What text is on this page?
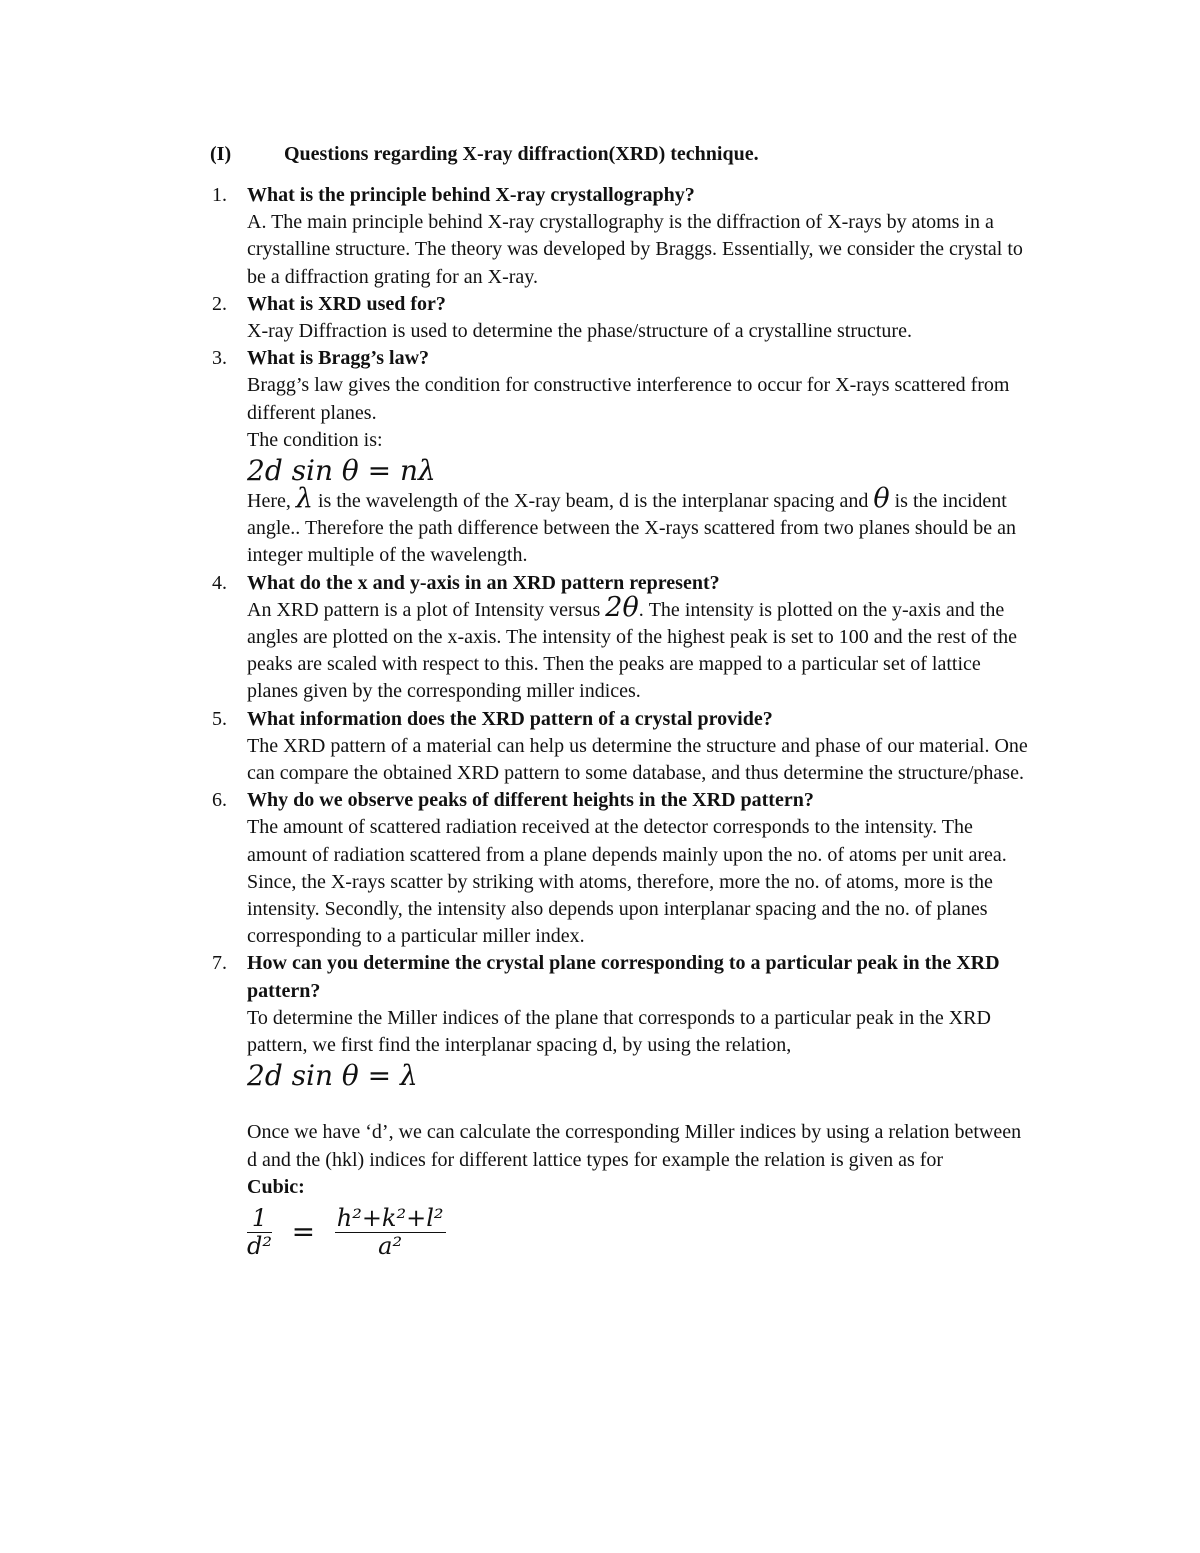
(I)	Questions regarding X-ray diffraction(XRD) technique.
1. What is the principle behind X-ray crystallography?
A. The main principle behind X-ray crystallography is the diffraction of X-rays by atoms in a crystalline structure. The theory was developed by Braggs. Essentially, we consider the crystal to be a diffraction grating for an X-ray.
2. What is XRD used for?
X-ray Diffraction is used to determine the phase/structure of a crystalline structure.
3. What is Bragg’s law?
Bragg’s law gives the condition for constructive interference to occur for X-rays scattered from different planes.
The condition is:
2d sin θ = nλ
Here, λ is the wavelength of the X-ray beam, d is the interplanar spacing and θ is the incident angle.. Therefore the path difference between the X-rays scattered from two planes should be an integer multiple of the wavelength.
4. What do the x and y-axis in an XRD pattern represent?
An XRD pattern is a plot of Intensity versus 2θ. The intensity is plotted on the y-axis and the angles are plotted on the x-axis. The intensity of the highest peak is set to 100 and the rest of the peaks are scaled with respect to this. Then the peaks are mapped to a particular set of lattice planes given by the corresponding miller indices.
5. What information does the XRD pattern of a crystal provide?
The XRD pattern of a material can help us determine the structure and phase of our material. One can compare the obtained XRD pattern to some database, and thus determine the structure/phase.
6. Why do we observe peaks of different heights in the XRD pattern?
The amount of scattered radiation received at the detector corresponds to the intensity. The amount of radiation scattered from a plane depends mainly upon the no. of atoms per unit area. Since, the X-rays scatter by striking with atoms, therefore, more the no. of atoms, more is the intensity. Secondly, the intensity also depends upon interplanar spacing and the no. of planes corresponding to a particular miller index.
7. How can you determine the crystal plane corresponding to a particular peak in the XRD pattern?
To determine the Miller indices of the plane that corresponds to a particular peak in the XRD pattern, we first find the interplanar spacing d, by using the relation,
2d sin θ = λ
Once we have ‘d’, we can calculate the corresponding Miller indices by using a relation between d and the (hkl) indices for different lattice types for example the relation is given as for
Cubic:
$\frac{1}{\text{d²}} = \frac{\text{h²+k²+l²}}{\text{a²}}$
